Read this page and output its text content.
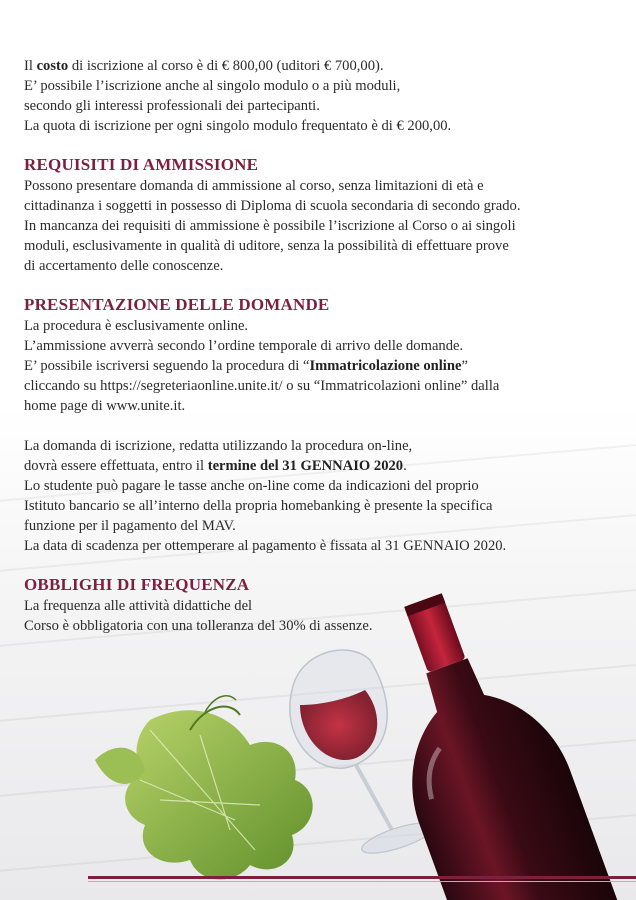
Il costo di iscrizione al corso è di € 800,00 (uditori € 700,00).

E’ possibile l’iscrizione anche al singolo modulo o a più moduli,

secondo gli interessi professionali dei partecipanti.

La quota di iscrizione per ogni singolo modulo frequentato è di € 200,00.

REQUISITI DI AMMISSIONE

Possono presentare domanda di ammissione al corso, senza limitazioni di età e

cittadinanza i soggetti in possesso di Diploma di scuola secondaria di secondo grado.

In mancanza dei requisiti di ammissione è possibile l’iscrizione al Corso o ai singoli

moduli, esclusivamente in qualità di uditore, senza la possibilità di effettuare prove

di accertamento delle conoscenze.

PRESENTAZIONE DELLE DOMANDE

La procedura è esclusivamente online.

L’ammissione avverrà secondo l’ordine temporale di arrivo delle domande.

E’ possibile iscriversi seguendo la procedura di “Immatricolazione online”

cliccando su https://segreteriaonline.unite.it/ o su “Immatricolazioni online” dalla

home page di www.unite.it.

La domanda di iscrizione, redatta utilizzando la procedura on-line,

dovrà essere effettuata, entro il termine del 31 GENNAIO 2020.

Lo studente può pagare le tasse anche on-line come da indicazioni del proprio

Istituto bancario se all’interno della propria homebanking è presente la specifica

funzione per il pagamento del MAV.

La data di scadenza per ottemperare al pagamento è fissata al 31 GENNAIO 2020.

OBBLIGHI DI FREQUENZA

La frequenza alle attività didattiche del

Corso è obbligatoria con una tolleranza del 30% di assenze.
